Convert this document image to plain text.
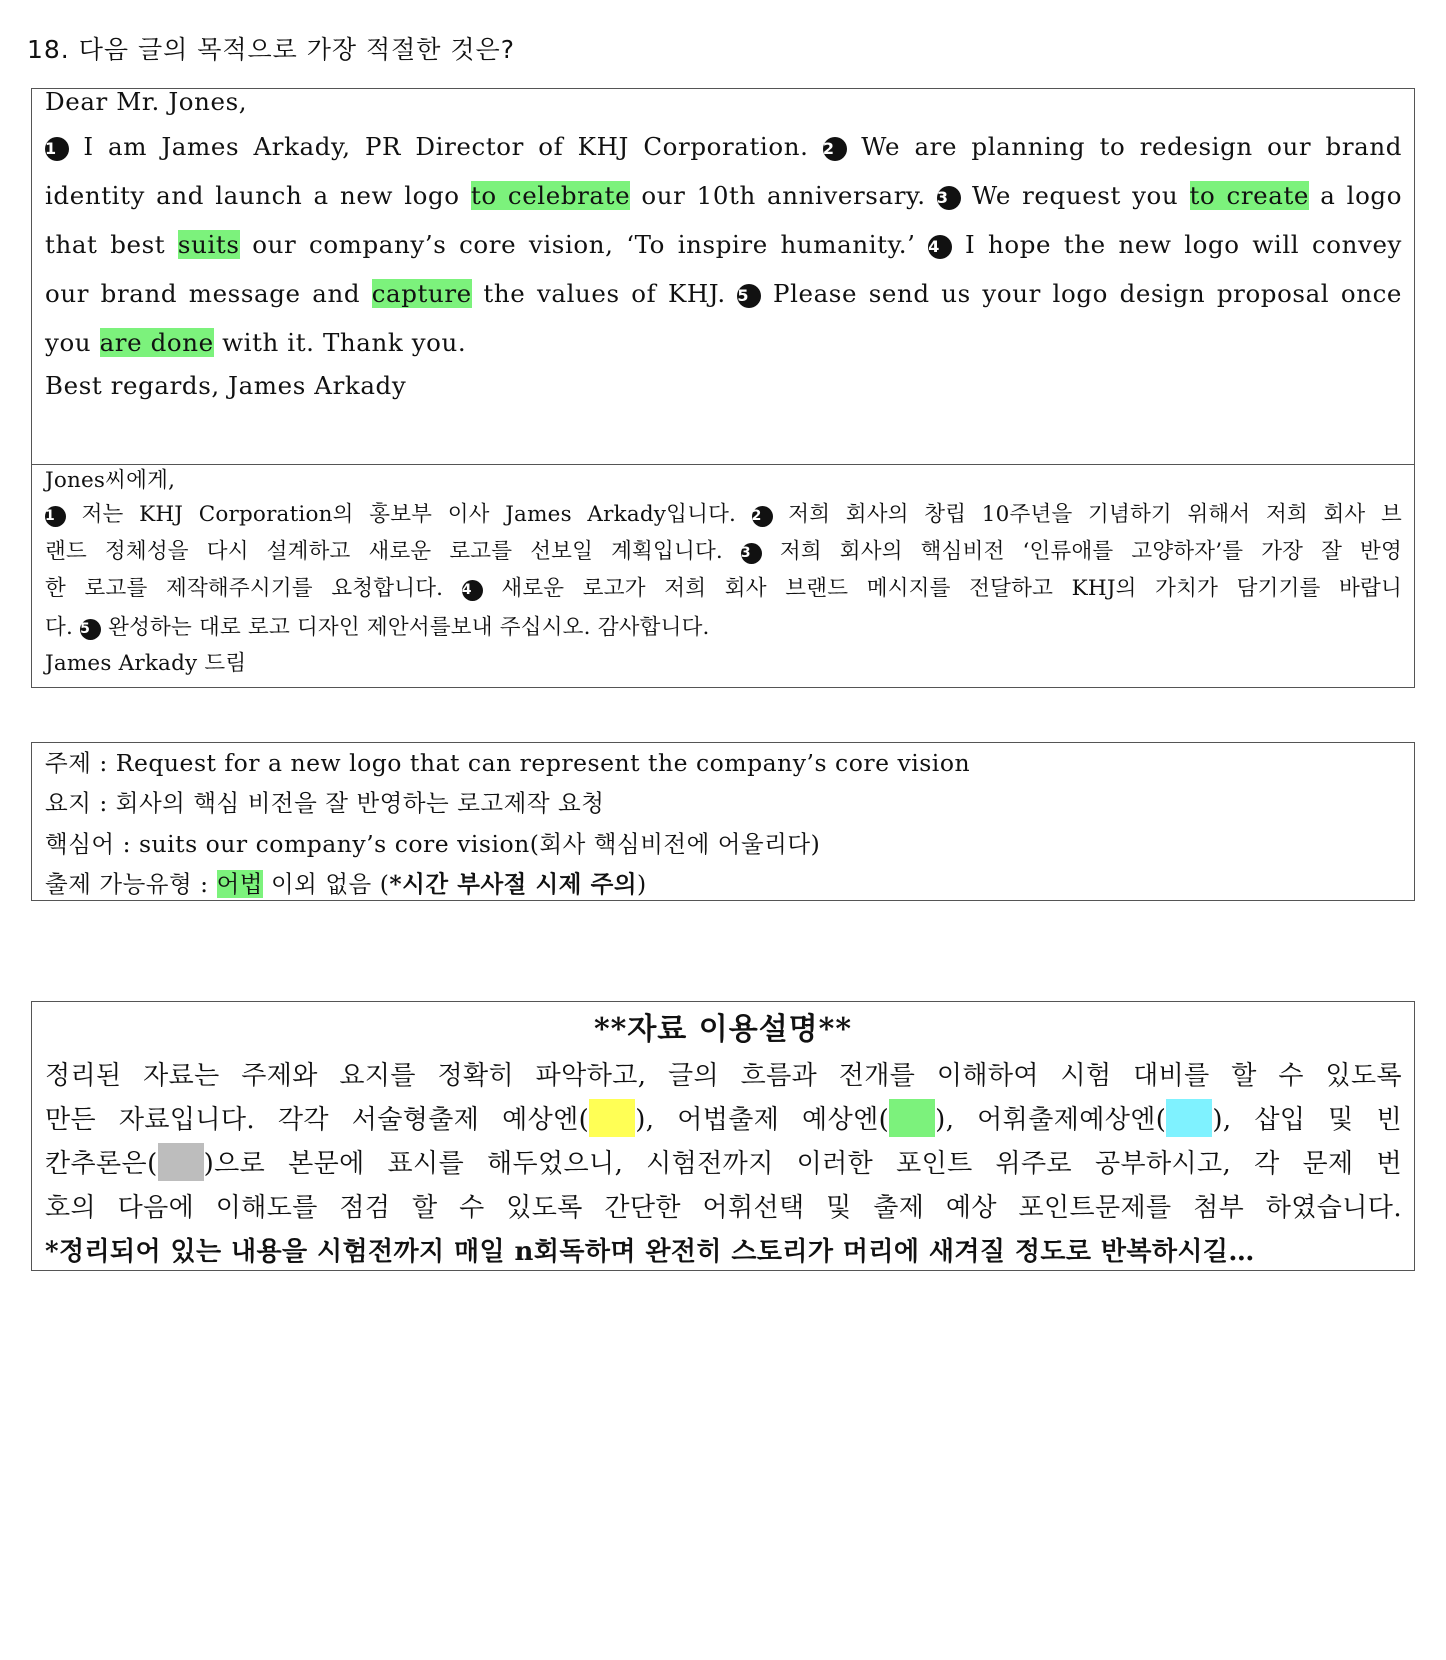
18. 다음 글의 목적으로 가장 적절한 것은?
Dear Mr. Jones,
1 I am James Arkady, PR Director of KHJ Corporation. 2 We are planning to redesign our brand
identity and launch a new logo to celebrate our 10th anniversary. 3 We request you to create a logo
that best suits our company’s core vision, ‘To inspire humanity.’ 4 I hope the new logo will convey
our brand message and capture the values of KHJ. 5 Please send us your logo design proposal once
you are done with it. Thank you.
Best regards, James Arkady
Jones씨에게,
1 저는 KHJ Corporation의 홍보부 이사 James Arkady입니다. 2 저희 회사의 창립 10주년을 기념하기 위해서 저희 회사 브
랜드 정체성을 다시 설계하고 새로운 로고를 선보일 계획입니다. 3 저희 회사의 핵심비전 ‘인류애를 고양하자’를 가장 잘 반영
한 로고를 제작해주시기를 요청합니다. 4 새로운 로고가 저희 회사 브랜드 메시지를 전달하고 KHJ의 가치가 담기기를 바랍니
다. 5 완성하는 대로 로고 디자인 제안서를보내 주십시오. 감사합니다.
James Arkady 드림
주제 : Request for a new logo that can represent the company’s core vision
요지 : 회사의 핵심 비전을 잘 반영하는 로고제작 요청
핵심어 : suits our company’s core vision(회사 핵심비전에 어울리다)
출제 가능유형 : 어법 이외 없음 (*시간 부사절 시제 주의)
**자료 이용설명**
정리된 자료는 주제와 요지를 정확히 파악하고, 글의 흐름과 전개를 이해하여 시험 대비를 할 수 있도록
만든 자료입니다. 각각 서술형출제 예상엔( ), 어법출제 예상엔( ), 어휘출제예상엔( ), 삽입 및 빈
칸추론은( )으로 본문에 표시를 해두었으니, 시험전까지 이러한 포인트 위주로 공부하시고, 각 문제 번
호의 다음에 이해도를 점검 할 수 있도록 간단한 어휘선택 및 출제 예상 포인트문제를 첨부 하였습니다.
*정리되어 있는 내용을 시험전까지 매일 n회독하며 완전히 스토리가 머리에 새겨질 정도로 반복하시길…
